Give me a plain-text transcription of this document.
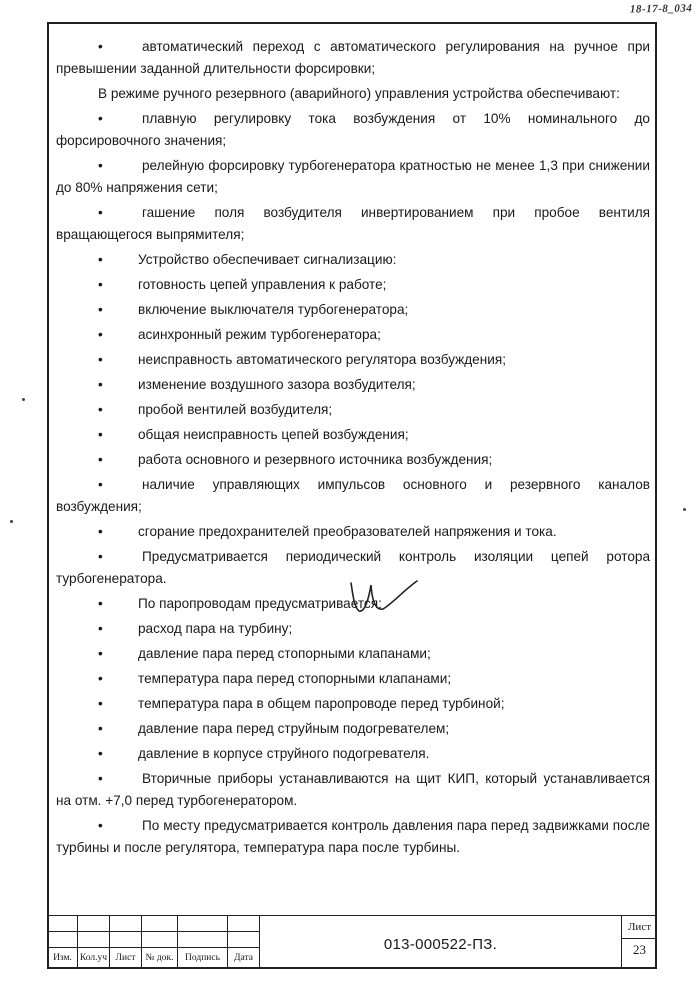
18-17-8_034

• автоматический переход с автоматического регулирования на ручное при превышении заданной длительности форсировки;

В режиме ручного резервного (аварийного) управления устройства обеспечивают:

• плавную регулировку тока возбуждения от 10% номинального до форсировочного значения;

• релейную форсировку турбогенератора кратностью не менее 1,3 при снижении до 80% напряжения сети;

• гашение поля возбудителя инвертированием при пробое вентиля вращающегося выпрямителя;

•	Устройство обеспечивает сигнализацию:
•	готовность цепей управления к работе;
•	включение выключателя турбогенератора;
•	асинхронный режим турбогенератора;
•	неисправность автоматического регулятора возбуждения;
•	изменение воздушного зазора возбудителя;
•	пробой вентилей возбудителя;
•	общая неисправность цепей возбуждения;
•	работа основного и резервного источника возбуждения;

• наличие управляющих импульсов основного и резервного каналов возбуждения;

•	сгорание предохранителей преобразователей напряжения и тока.

• Предусматривается периодический контроль изоляции цепей ротора турбогенератора.

•	По паропроводам предусматривается:
•	расход пара на турбину;
•	давление пара перед стопорными клапанами;
•	температура пара перед стопорными клапанами;
•	температура пара в общем паропроводе перед турбиной;
•	давление пара перед струйным подогревателем;
•	давление в корпусе струйного подогревателя.

• Вторичные приборы устанавливаются на щит КИП, который устанавливается на отм. +7,0 перед турбогенератором.

• По месту предусматривается контроль давления пара перед задвижками после турбины и после регулятора, температура пара после турбины.

Изм.	Кол.уч	Лист	№ док.	Подпись	Дата
013-000522-ПЗ.
Лист
23
